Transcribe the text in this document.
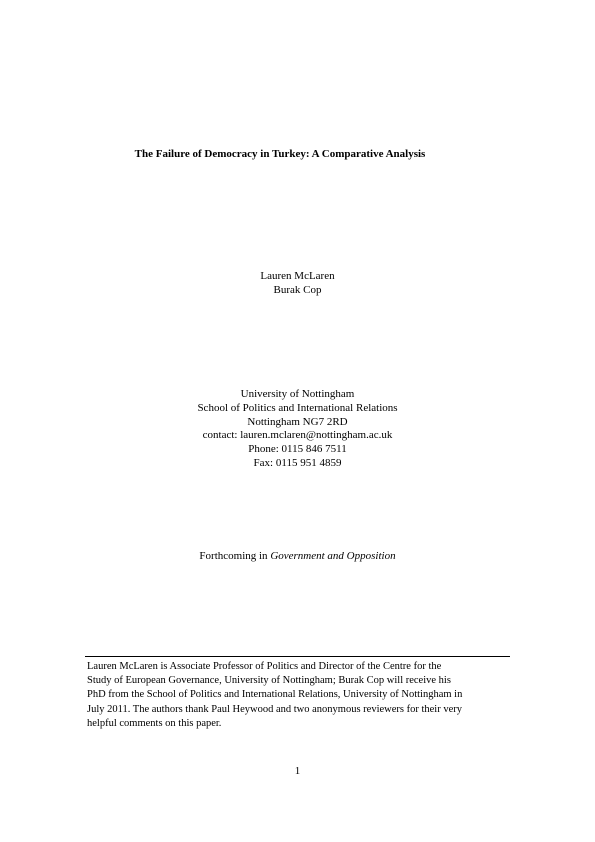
The Failure of Democracy in Turkey: A Comparative Analysis
Lauren McLaren
Burak Cop
University of Nottingham
School of Politics and International Relations
Nottingham NG7 2RD
contact: lauren.mclaren@nottingham.ac.uk
Phone: 0115 846 7511
Fax: 0115 951 4859
Forthcoming in Government and Opposition
Lauren McLaren is Associate Professor of Politics and Director of the Centre for the
Study of European Governance, University of Nottingham; Burak Cop will receive his
PhD from the School of Politics and International Relations, University of Nottingham in
July 2011. The authors thank Paul Heywood and two anonymous reviewers for their very
helpful comments on this paper.
1
